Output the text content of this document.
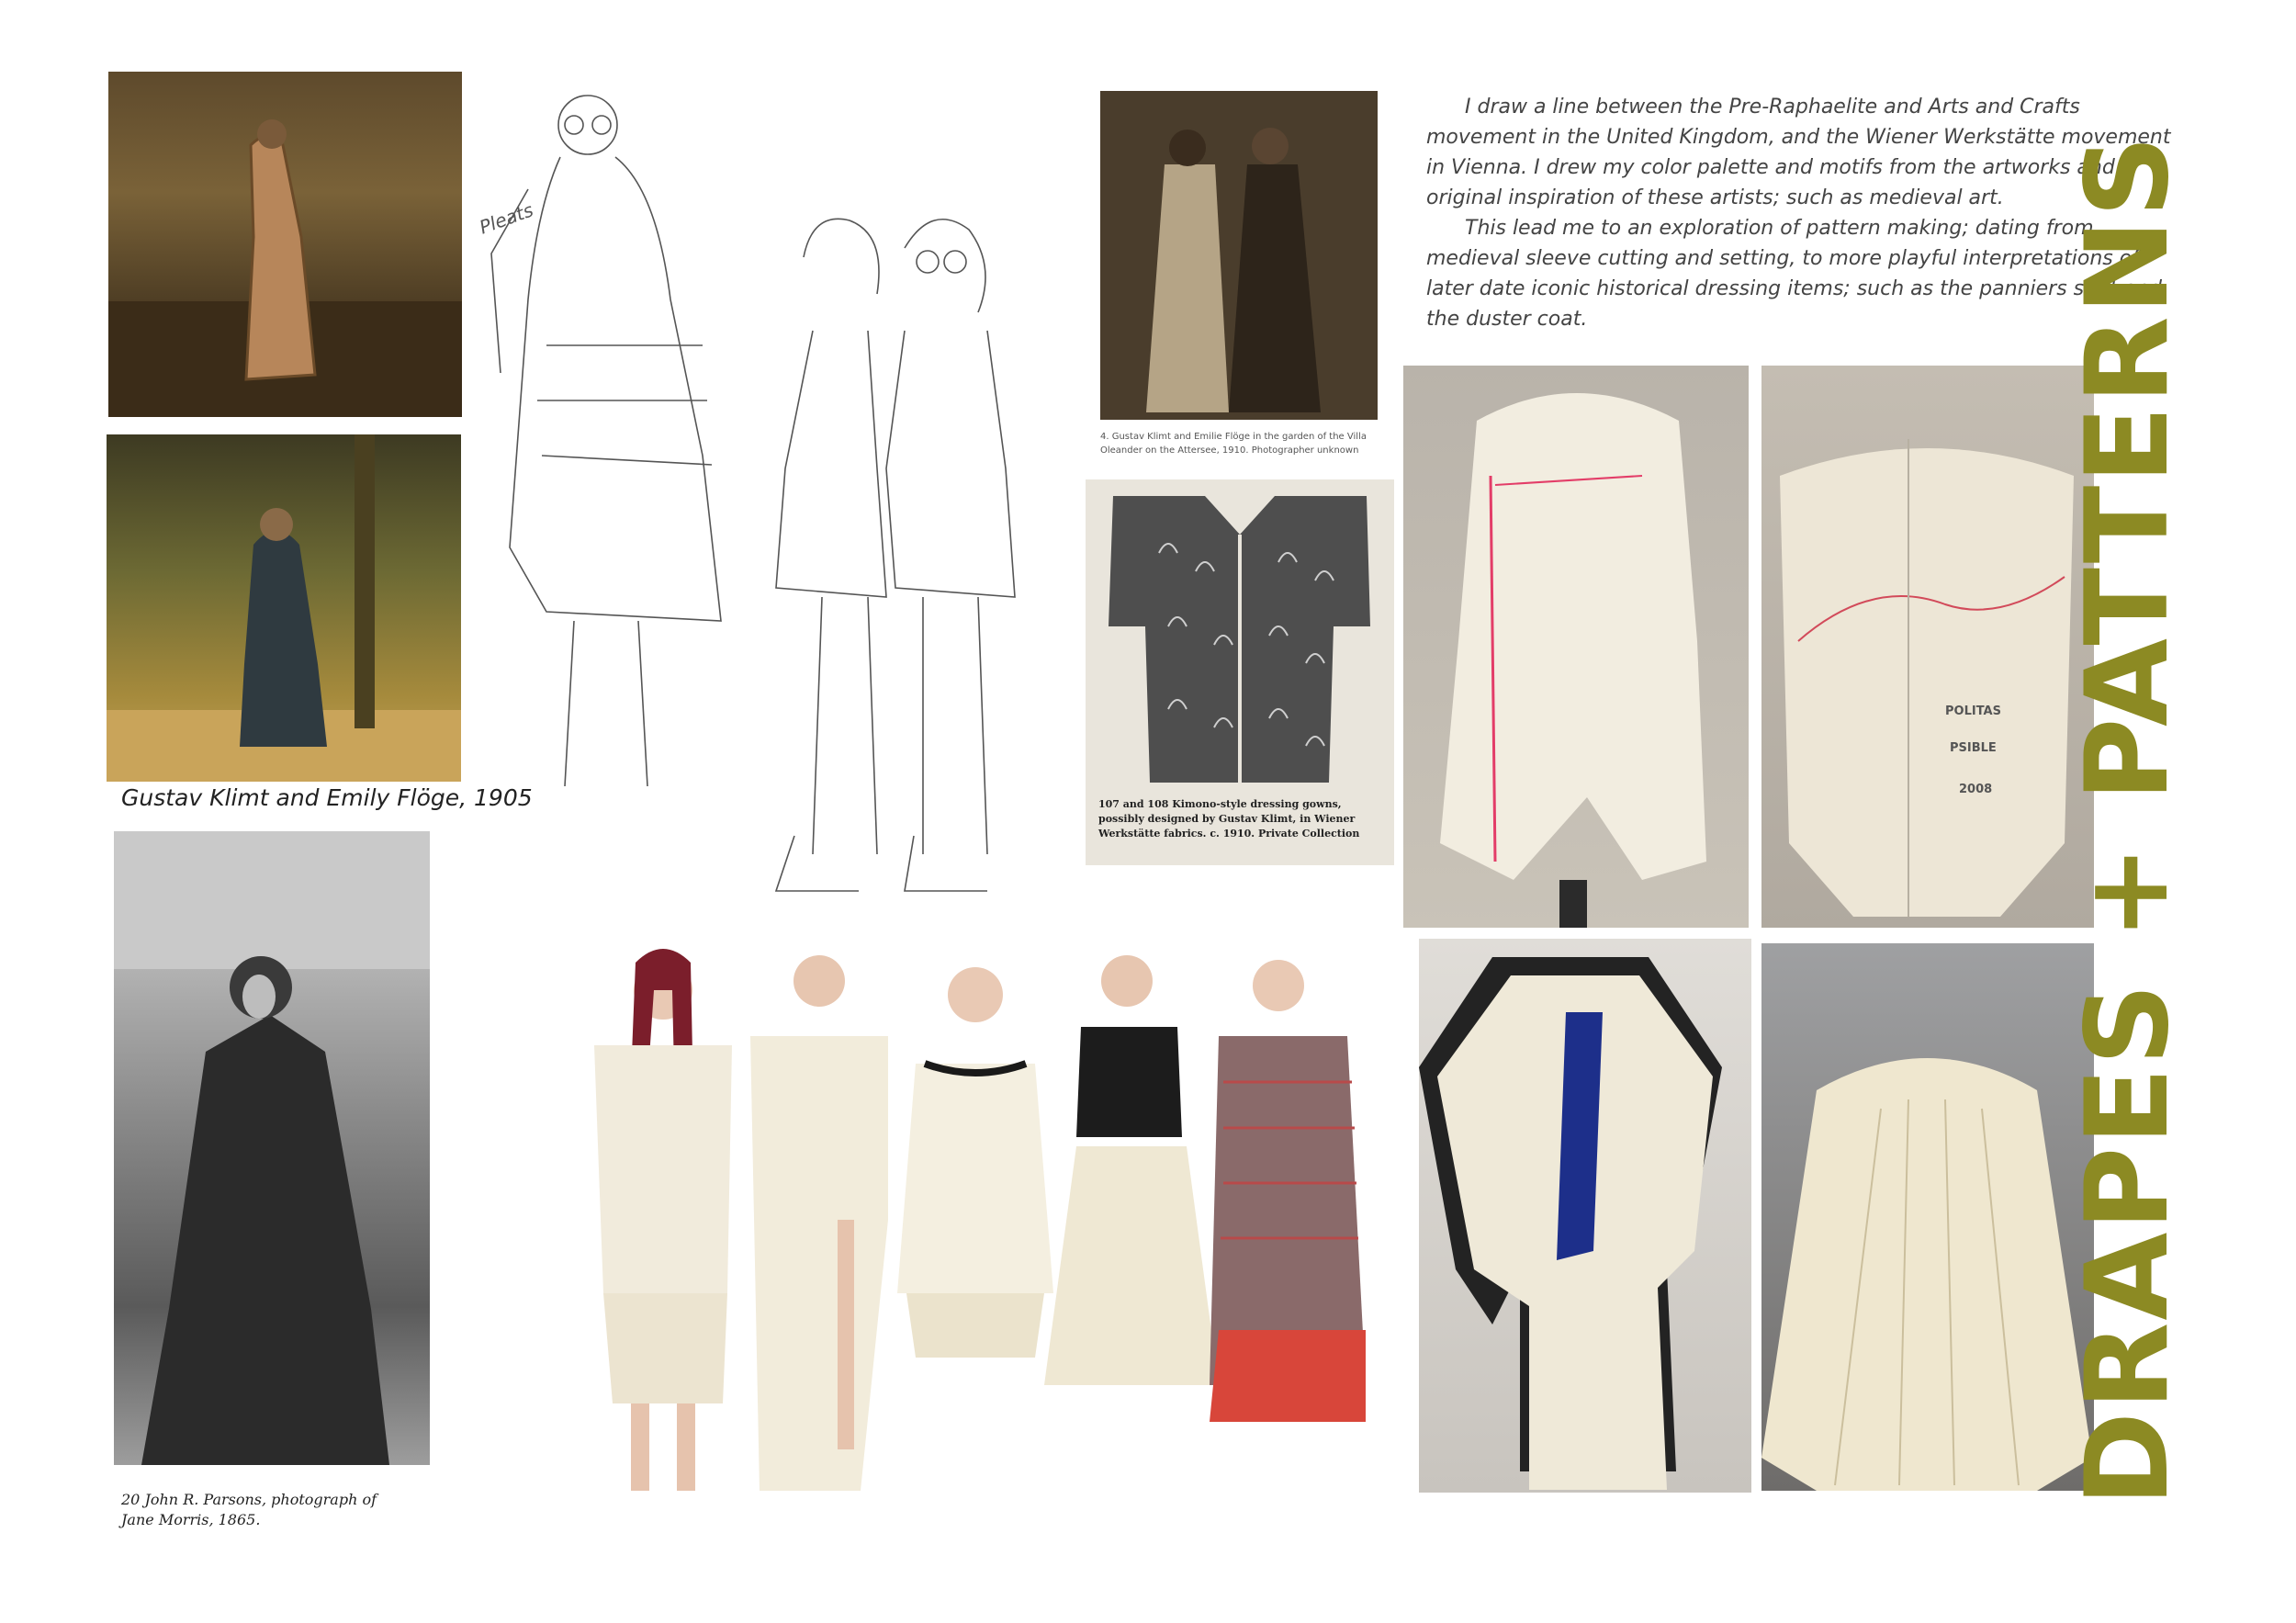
Gustav Klimt and Emily Flöge, 1905
20 John R. Parsons, photograph of Jane Morris, 1865.
Pleats
4. Gustav Klimt and Emilie Flöge in the garden of the Villa Oleander on the Attersee, 1910. Photographer unknown
107 and 108 Kimono-style dressing gowns, possibly designed by Gustav Klimt, in Wiener Werkstätte fabrics. c. 1910. Private Collection

I draw a line between the Pre-Raphaelite and Arts and Crafts movement in the United Kingdom, and the Wiener Werkstätte movement in Vienna. I drew my color palette and motifs from the artworks and original inspiration of these artists; such as medieval art.

This lead me to an exploration of pattern making; dating from medieval sleeve cutting and setting, to more playful interpretations of later date iconic historical dressing items; such as the panniers skirt and the duster coat.

POLITAS
PSIBLE
2008 DRAPES + PATTERNS
